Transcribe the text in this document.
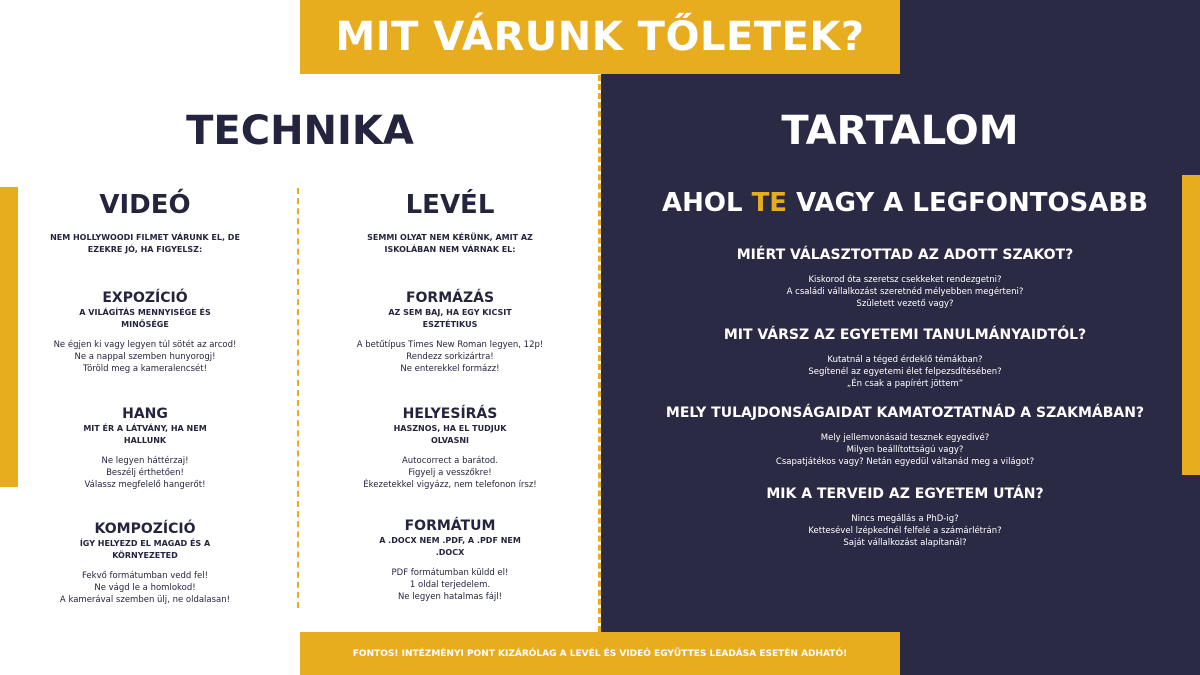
MIT VÁRUNK TŐLETEK?
TECHNIKA	TARTALOM
VIDEÓ
NEM HOLLYWOODI FILMET VÁRUNK EL, DE EZEKRE JÓ, HA FIGYELSZ:
EXPOZÍCIÓ
A VILÁGÍTÁS MENNYISÉGE ÉS MINŐSÉGE
Ne égjen ki vagy legyen túl sötét az arcod!
Ne a nappal szemben hunyorogj!
Töröld meg a kameralencsét!
HANG
MIT ÉR A LÁTVÁNY, HA NEM HALLUNK
Ne legyen háttérzaj!
Beszélj érthetően!
Válassz megfelelő hangerőt!
KOMPOZÍCIÓ
ÍGY HELYEZD EL MAGAD ÉS A KÖRNYEZETED
Fekvő formátumban vedd fel!
Ne vágd le a homlokod!
A kamerával szemben ülj, ne oldalasan!
LEVÉL
SEMMI OLYAT NEM KÉRÜNK, AMIT AZ ISKOLÁBAN NEM VÁRNAK EL:
FORMÁZÁS
AZ SEM BAJ, HA EGY KICSIT ESZTÉTIKUS
A betűtípus Times New Roman legyen, 12p!
Rendezz sorkizártra!
Ne enterekkel formázz!
HELYESÍRÁS
HASZNOS, HA EL TUDJUK OLVASNI
Autocorrect a barátod.
Figyelj a vesszőkre!
Ékezetekkel vigyázz, nem telefonon írsz!
FORMÁTUM
A .DOCX NEM .PDF, A .PDF NEM .DOCX
PDF formátumban küldd el!
1 oldal terjedelem.
Ne legyen hatalmas fájl!
AHOL TE VAGY A LEGFONTOSABB
MIÉRT VÁLASZTOTTAD AZ ADOTT SZAKOT?
Kiskorod óta szeretsz csekkeket rendezgetni?
A családi vállalkozást szeretnéd mélyebben megérteni?
Született vezető vagy?
MIT VÁRSZ AZ EGYETEMI TANULMÁNYAIDTÓL?
Kutatnál a téged érdeklő témákban?
Segítenél az egyetemi élet felpezsdítésében?
„Én csak a papírért jöttem”
MELY TULAJDONSÁGAIDAT KAMATOZTATNÁD A SZAKMÁBAN?
Mely jellemvonásaid tesznek egyedivé?
Milyen beállítottságú vagy?
Csapatjátékos vagy? Netán egyedül váltanád meg a világot?
MIK A TERVEID AZ EGYETEM UTÁN?
Nincs megállás a PhD-ig?
Kettesével lzépkednél felfelé a számárlétrán?
Saját vállalkozást alapítanál?
FONTOS! INTÉZMÉNYI PONT KIZÁRÓLAG A LEVÉL ÉS VIDEÓ EGYÜTTES LEADÁSA ESETÉN ADHATÓ!
